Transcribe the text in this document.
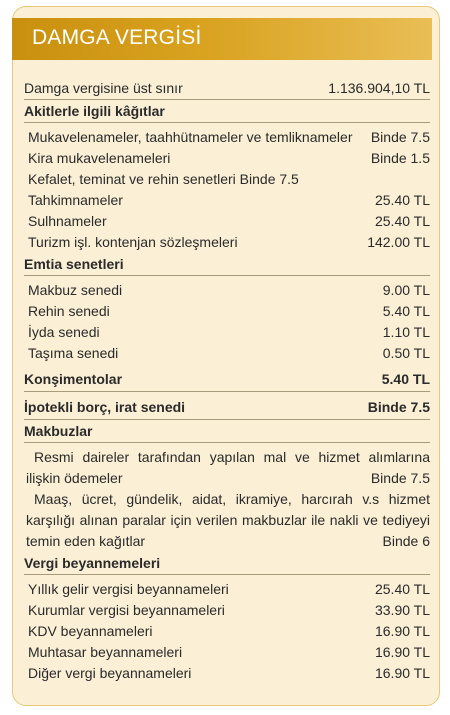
DAMGA VERGİSİ
Damga vergisine üst sınır	1.136.904,10 TL
Akitlerle ilgili kâğıtlar
Mukavelenameler, taahhütnameler ve temliknameler Binde 7.5
Kira mukavelenameleri	Binde 1.5
Kefalet, teminat ve rehin senetleri Binde 7.5
Tahkimnameler	25.40 TL
Sulhnameler	25.40 TL
Turizm işl. kontenjan sözleşmeleri	142.00 TL
Emtia senetleri
Makbuz senedi	9.00 TL
Rehin senedi	5.40 TL
İyda senedi	1.10 TL
Taşıma senedi	0.50 TL
Konşimentolar	5.40 TL
İpotekli borç, irat senedi	Binde 7.5
Makbuzlar
Resmi daireler tarafından yapılan mal ve hizmet alımlarına ilişkin ödemeler	Binde 7.5
Maaş, ücret, gündelik, aidat, ikramiye, harcırah v.s hizmet karşılığı alınan paralar için verilen makbuzlar ile nakli ve tediyeyi temin eden kağıtlar	Binde 6
Vergi beyannemeleri
Yıllık gelir vergisi beyannameleri	25.40 TL
Kurumlar vergisi beyannameleri	33.90 TL
KDV beyannameleri	16.90 TL
Muhtasar beyannameleri	16.90 TL
Diğer vergi beyannameleri	16.90 TL
